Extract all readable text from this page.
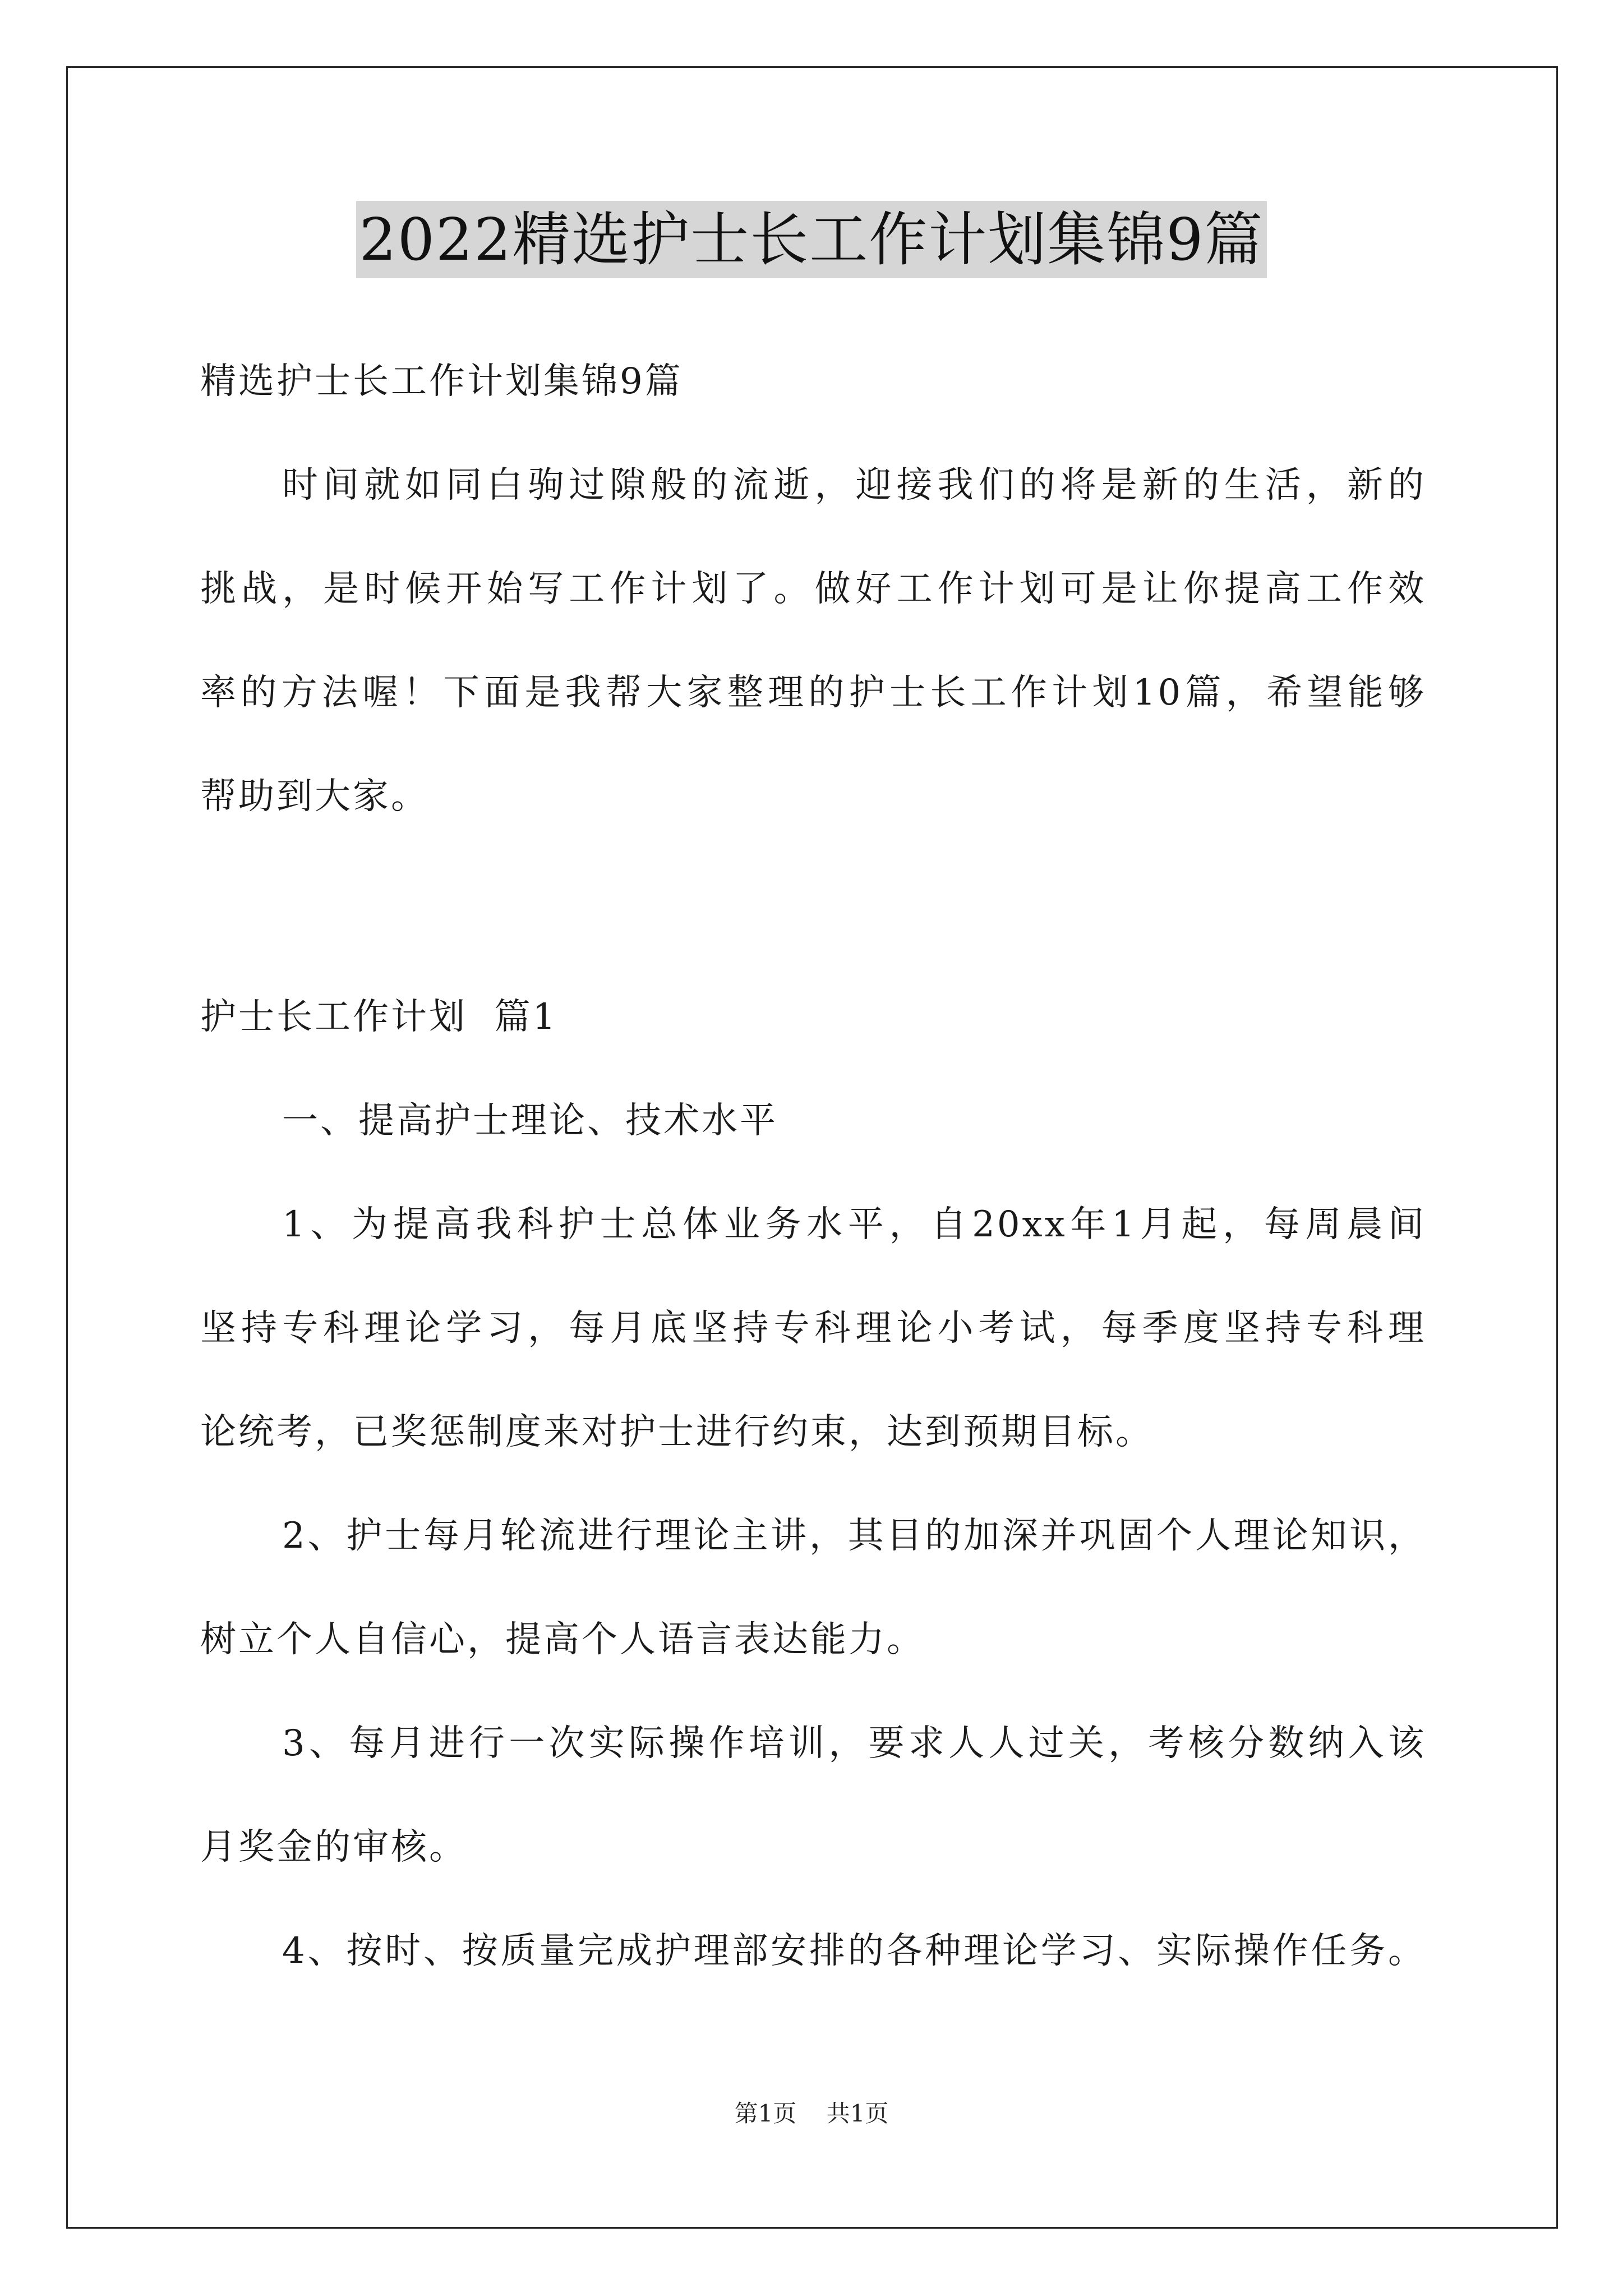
2022精选护士长工作计划集锦9篇
精选护士长工作计划集锦9篇
时间就如同白驹过隙般的流逝，迎接我们的将是新的生活，新的
挑战，是时候开始写工作计划了。做好工作计划可是让你提高工作效
率的方法喔！下面是我帮大家整理的护士长工作计划10篇，希望能够
帮助到大家。
护士长工作计划  篇1
一、提高护士理论、技术水平
1、为提高我科护士总体业务水平，自20xx年1月起，每周晨间
坚持专科理论学习，每月底坚持专科理论小考试，每季度坚持专科理
论统考，已奖惩制度来对护士进行约束，达到预期目标。
2、护士每月轮流进行理论主讲，其目的加深并巩固个人理论知识，
树立个人自信心，提高个人语言表达能力。
3、每月进行一次实际操作培训，要求人人过关，考核分数纳入该
月奖金的审核。
4、按时、按质量完成护理部安排的各种理论学习、实际操作任务。
第1页 共1页
